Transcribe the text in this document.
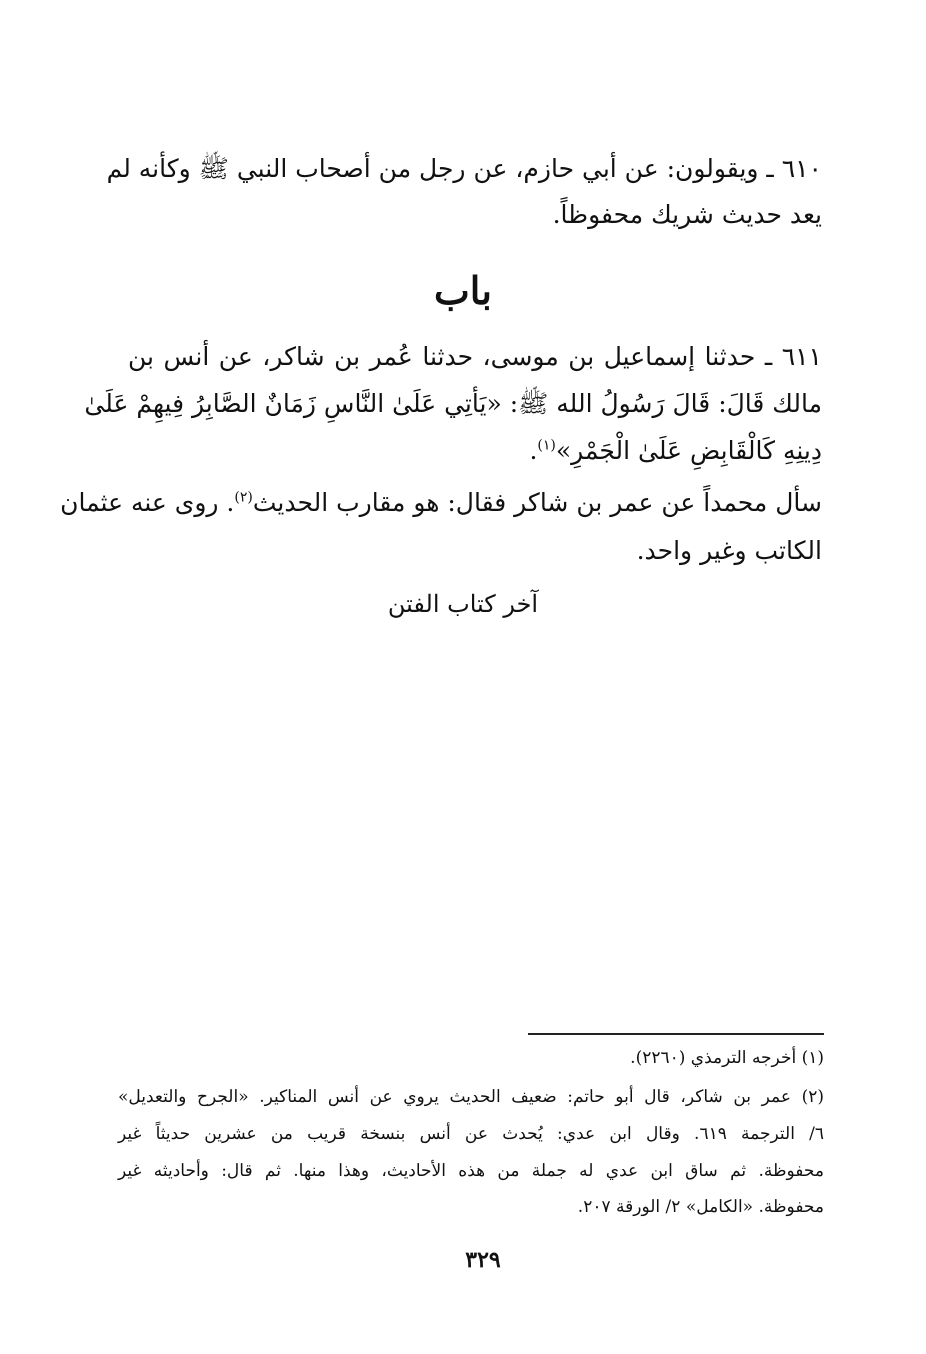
٦١٠ ـ ويقولون: عن أبي حازم، عن رجل من أصحاب النبي ﷺ وكأنه لم
يعد حديث شريك محفوظاً.
باب
٦١١ ـ حدثنا إسماعيل بن موسى، حدثنا عُمر بن شاكر، عن أنس بن
مالك قَالَ: قَالَ رَسُولُ الله ﷺ: «يَأتِي عَلَىٰ النَّاسِ زَمَانٌ الصَّابِرُ فِيهِمْ عَلَىٰ
دِينِهِ كَالْقَابِضِ عَلَىٰ الْجَمْرِ»$^{(١)}$.
سأل محمداً عن عمر بن شاكر فقال: هو مقارب الحديث$^{(٢)}$. روى عنه عثمان
الكاتب وغير واحد.
آخر كتاب الفتن
(١) أخرجه الترمذي (٢٢٦٠).
(٢) عمر بن شاكر، قال أبو حاتم: ضعيف الحديث يروي عن أنس المناكير. «الجرح والتعديل»
٦/ الترجمة ٦١٩. وقال ابن عدي: يُحدث عن أنس بنسخة قريب من عشرين حديثاً غير
محفوظة. ثم ساق ابن عدي له جملة من هذه الأحاديث، وهذا منها. ثم قال: وأحاديثه غير
محفوظة. «الكامل» ٢/ الورقة ٢٠٧.
٣٢٩
